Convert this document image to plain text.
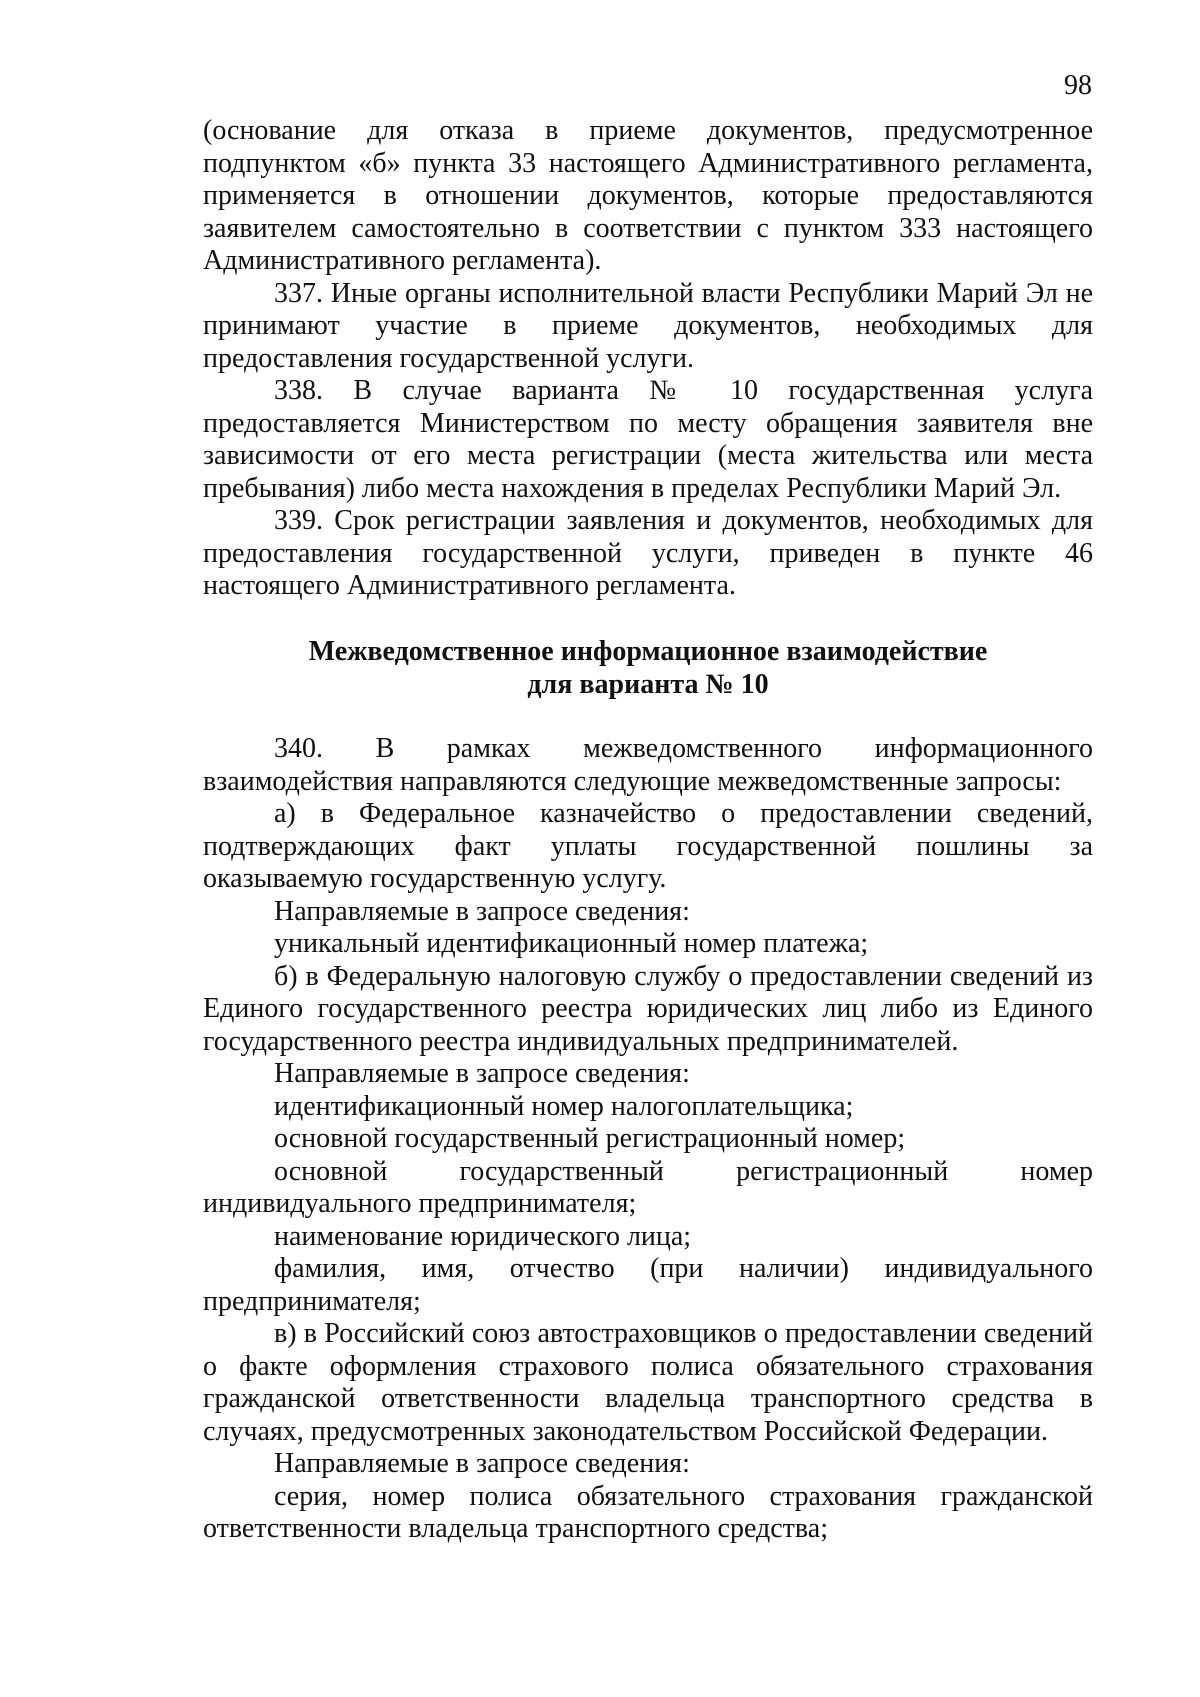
98

(основание для отказа в приеме документов, предусмотренное подпунктом «б» пункта 33 настоящего Административного регламента, применяется в отношении документов, которые предоставляются заявителем самостоятельно в соответствии с пунктом 333 настоящего Административного регламента).

337. Иные органы исполнительной власти Республики Марий Эл не принимают участие в приеме документов, необходимых для предоставления государственной услуги.

338. В случае варианта № 10 государственная услуга предоставляется Министерством по месту обращения заявителя вне зависимости от его места регистрации (места жительства или места пребывания) либо места нахождения в пределах Республики Марий Эл.

339. Срок регистрации заявления и документов, необходимых для предоставления государственной услуги, приведен в пункте 46 настоящего Административного регламента.

Межведомственное информационное взаимодействие
для варианта № 10

340. В рамках межведомственного информационного взаимодействия направляются следующие межведомственные запросы:

а) в Федеральное казначейство о предоставлении сведений, подтверждающих факт уплаты государственной пошлины за оказываемую государственную услугу.

Направляемые в запросе сведения:

уникальный идентификационный номер платежа;

б) в Федеральную налоговую службу о предоставлении сведений из Единого государственного реестра юридических лиц либо из Единого государственного реестра индивидуальных предпринимателей.

Направляемые в запросе сведения:

идентификационный номер налогоплательщика;

основной государственный регистрационный номер;

основной государственный регистрационный номер индивидуального предпринимателя;

наименование юридического лица;

фамилия, имя, отчество (при наличии) индивидуального предпринимателя;

в) в Российский союз автостраховщиков о предоставлении сведений о факте оформления страхового полиса обязательного страхования гражданской ответственности владельца транспортного средства в случаях, предусмотренных законодательством Российской Федерации.

Направляемые в запросе сведения:

серия, номер полиса обязательного страхования гражданской ответственности владельца транспортного средства;
